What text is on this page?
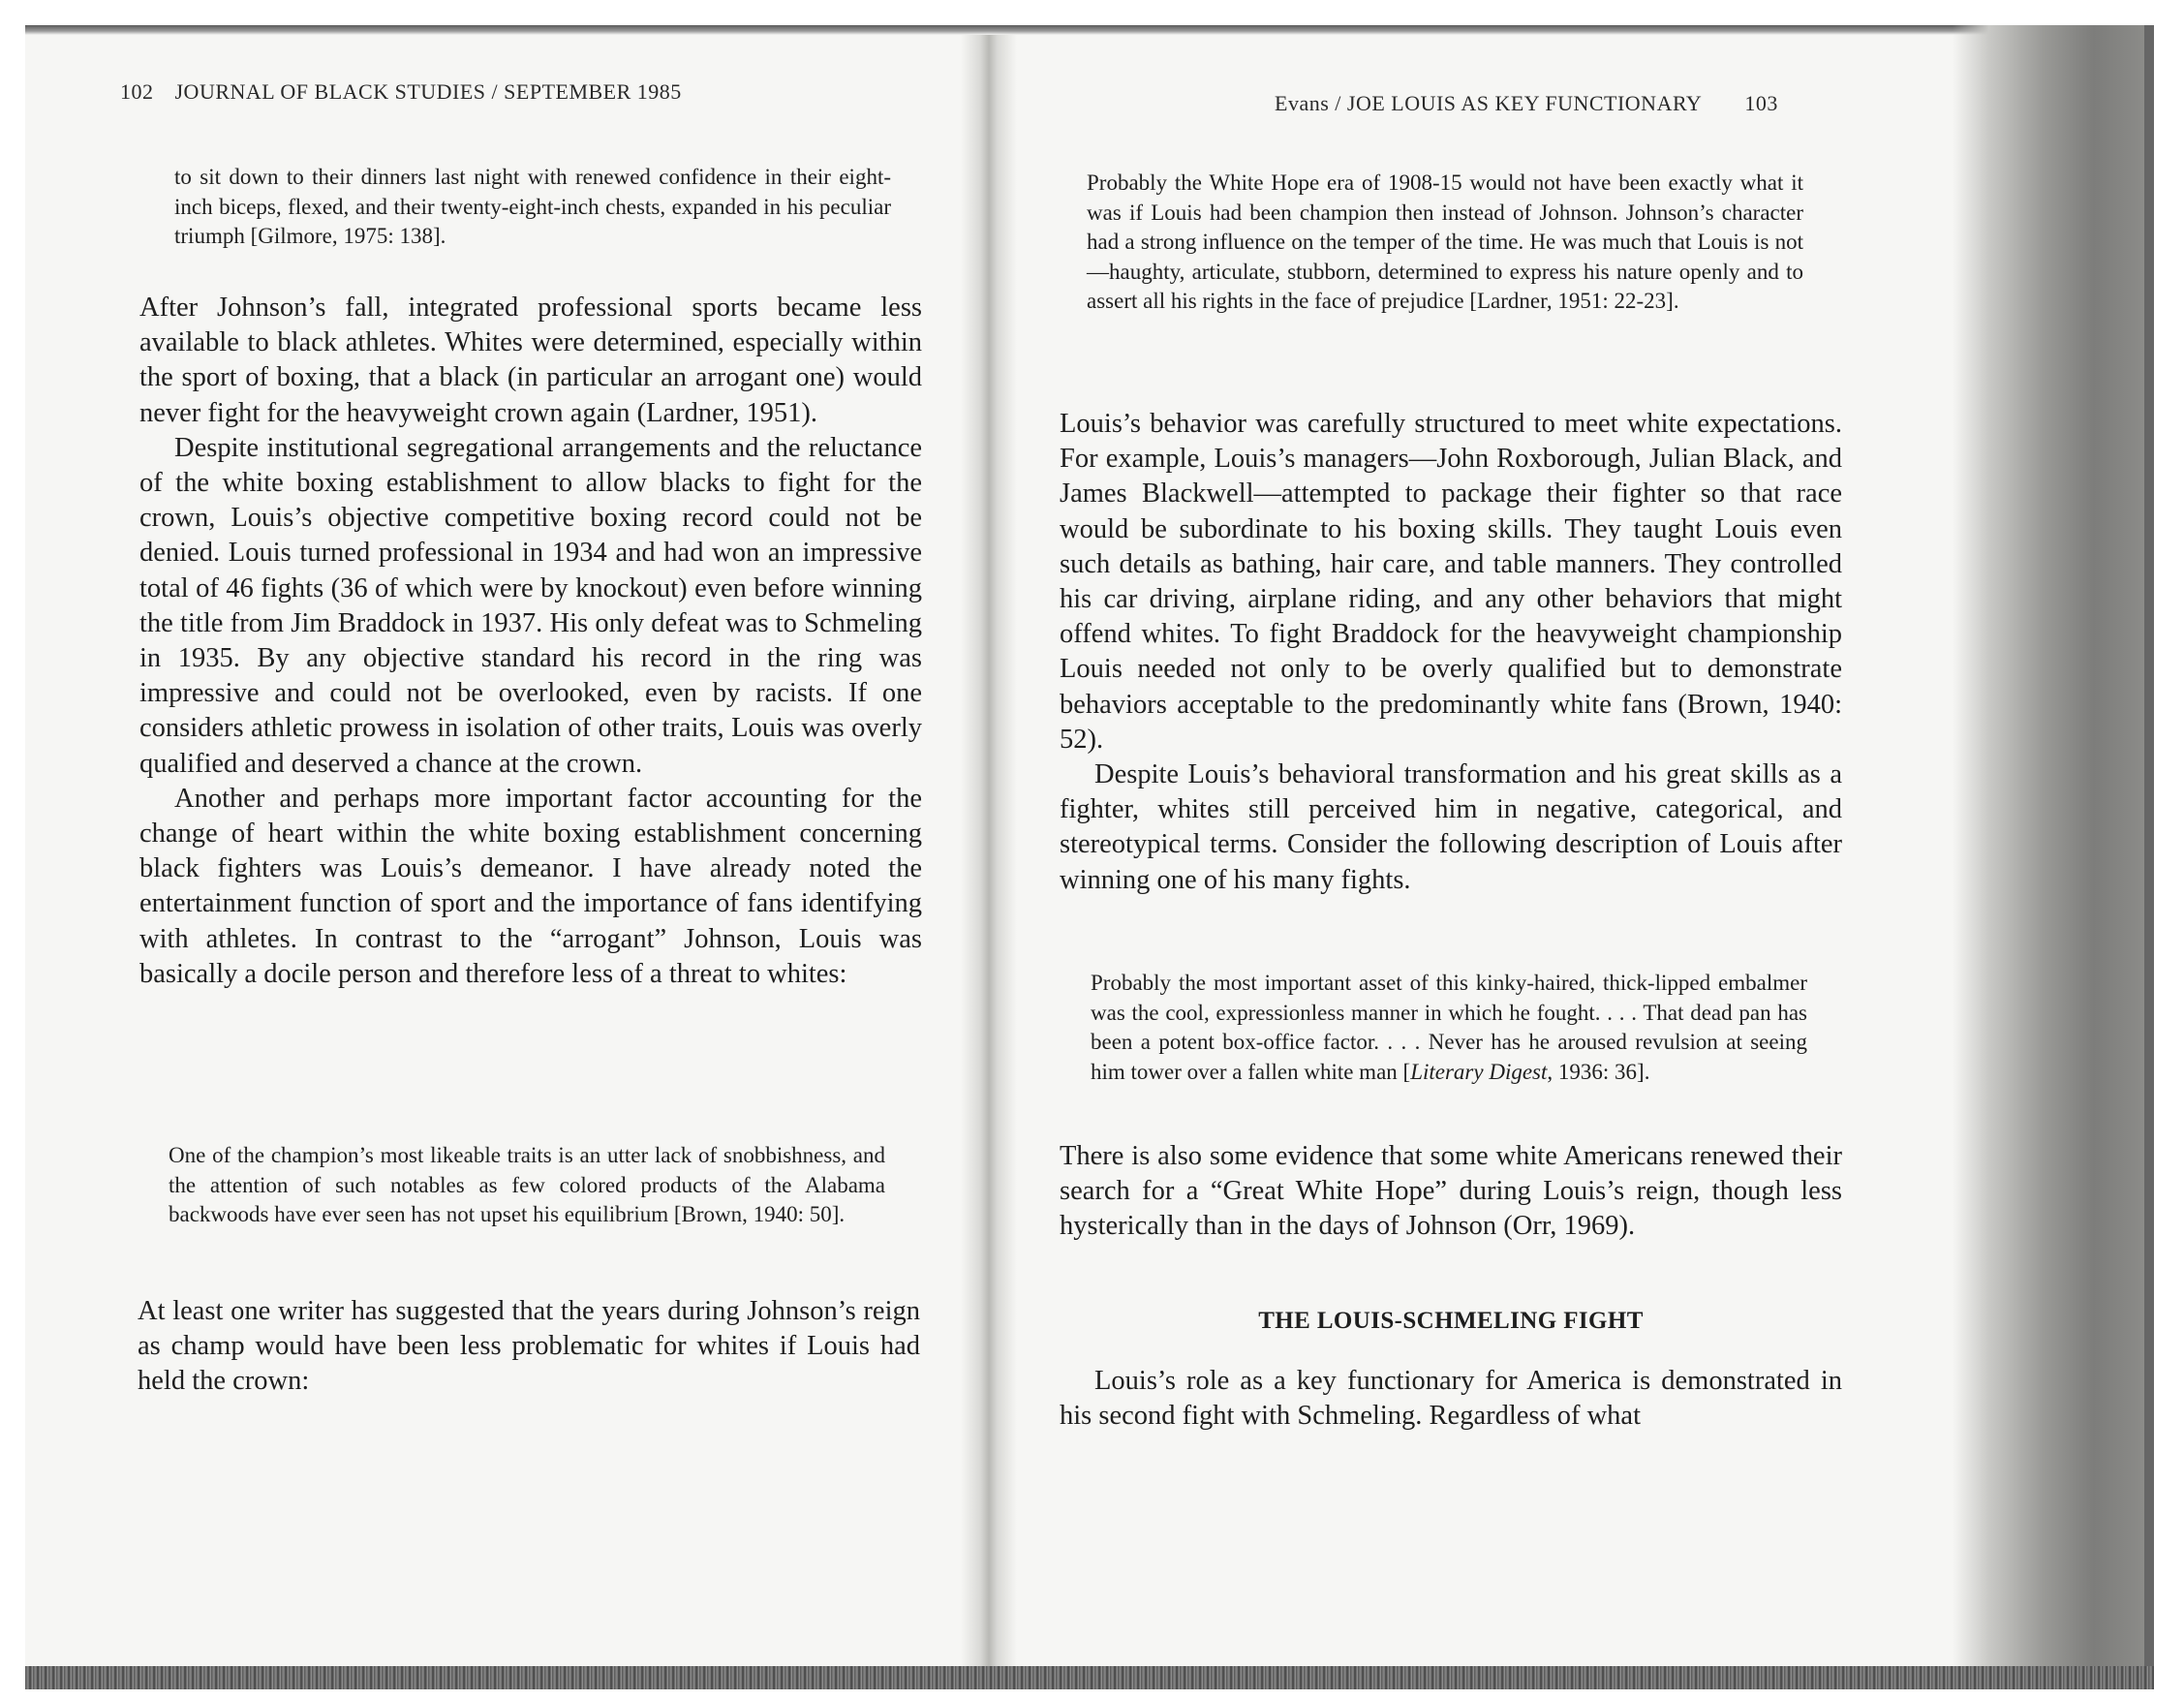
102 JOURNAL OF BLACK STUDIES / SEPTEMBER 1985

to sit down to their dinners last night with renewed confidence in their eight-inch biceps, flexed, and their twenty-eight-inch chests, expanded in his peculiar triumph [Gilmore, 1975: 138].

After Johnson’s fall, integrated professional sports became less available to black athletes. Whites were determined, especially within the sport of boxing, that a black (in particular an arrogant one) would never fight for the heavyweight crown again (Lardner, 1951).

Despite institutional segregational arrangements and the reluctance of the white boxing establishment to allow blacks to fight for the crown, Louis’s objective competitive boxing record could not be denied. Louis turned professional in 1934 and had won an impressive total of 46 fights (36 of which were by knockout) even before winning the title from Jim Braddock in 1937. His only defeat was to Schmeling in 1935. By any objective standard his record in the ring was impressive and could not be overlooked, even by racists. If one considers athletic prowess in isolation of other traits, Louis was overly qualified and deserved a chance at the crown.

Another and perhaps more important factor accounting for the change of heart within the white boxing establishment concerning black fighters was Louis’s demeanor. I have already noted the entertainment function of sport and the importance of fans identifying with athletes. In contrast to the “arrogant” Johnson, Louis was basically a docile person and therefore less of a threat to whites:

One of the champion’s most likeable traits is an utter lack of snobbishness, and the attention of such notables as few colored products of the Alabama backwoods have ever seen has not upset his equilibrium [Brown, 1940: 50].

At least one writer has suggested that the years during Johnson’s reign as champ would have been less problematic for whites if Louis had held the crown:

Evans / JOE LOUIS AS KEY FUNCTIONARY 103

Probably the White Hope era of 1908-15 would not have been exactly what it was if Louis had been champion then instead of Johnson. Johnson’s character had a strong influence on the temper of the time. He was much that Louis is not—haughty, articulate, stubborn, determined to express his nature openly and to assert all his rights in the face of prejudice [Lardner, 1951: 22-23].

Louis’s behavior was carefully structured to meet white expectations. For example, Louis’s managers—John Roxborough, Julian Black, and James Blackwell—attempted to package their fighter so that race would be subordinate to his boxing skills. They taught Louis even such details as bathing, hair care, and table manners. They controlled his car driving, airplane riding, and any other behaviors that might offend whites. To fight Braddock for the heavyweight championship Louis needed not only to be overly qualified but to demonstrate behaviors acceptable to the predominantly white fans (Brown, 1940: 52).

Despite Louis’s behavioral transformation and his great skills as a fighter, whites still perceived him in negative, categorical, and stereotypical terms. Consider the following description of Louis after winning one of his many fights.

Probably the most important asset of this kinky-haired, thick-lipped embalmer was the cool, expressionless manner in which he fought. . . . That dead pan has been a potent box-office factor. . . . Never has he aroused revulsion at seeing him tower over a fallen white man [Literary Digest, 1936: 36].

There is also some evidence that some white Americans renewed their search for a “Great White Hope” during Louis’s reign, though less hysterically than in the days of Johnson (Orr, 1969).

THE LOUIS-SCHMELING FIGHT

Louis’s role as a key functionary for America is demonstrated in his second fight with Schmeling. Regardless of what
